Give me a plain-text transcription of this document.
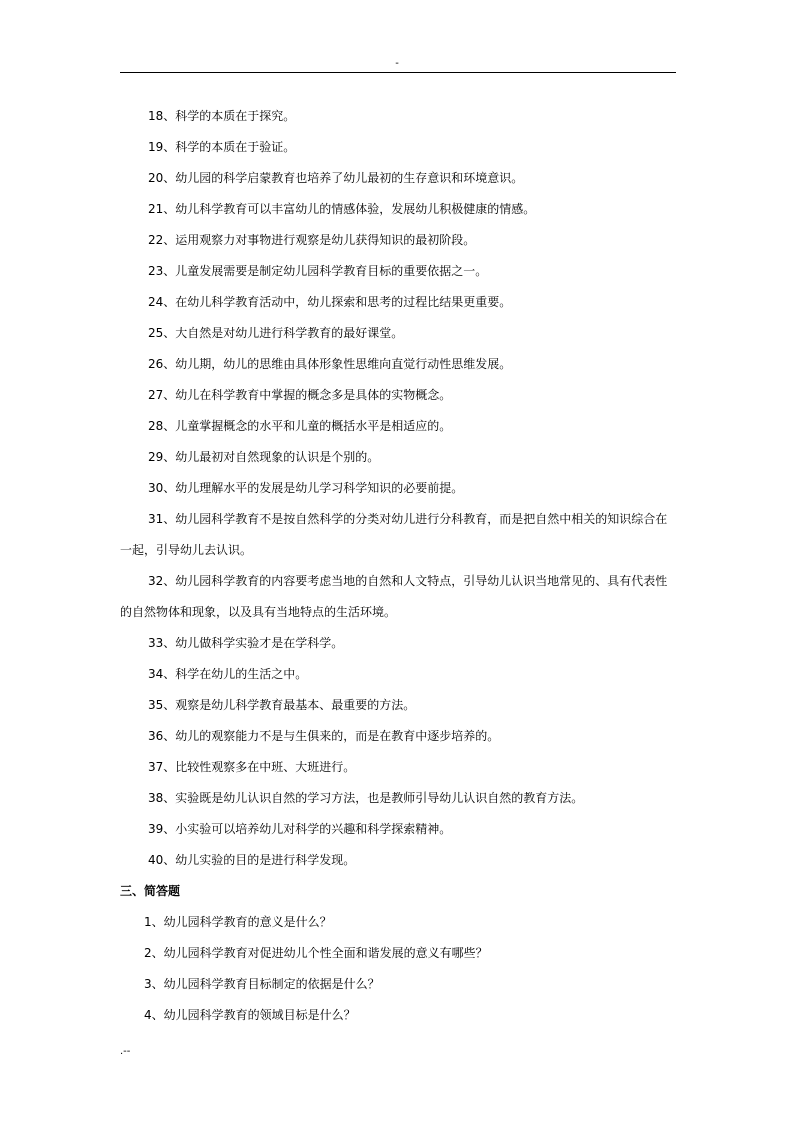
-
18、科学的本质在于探究。
19、科学的本质在于验证。
20、幼儿园的科学启蒙教育也培养了幼儿最初的生存意识和环境意识。
21、幼儿科学教育可以丰富幼儿的情感体验，发展幼儿积极健康的情感。
22、运用观察力对事物进行观察是幼儿获得知识的最初阶段。
23、儿童发展需要是制定幼儿园科学教育目标的重要依据之一。
24、在幼儿科学教育活动中，幼儿探索和思考的过程比结果更重要。
25、大自然是对幼儿进行科学教育的最好课堂。
26、幼儿期，幼儿的思维由具体形象性思维向直觉行动性思维发展。
27、幼儿在科学教育中掌握的概念多是具体的实物概念。
28、儿童掌握概念的水平和儿童的概括水平是相适应的。
29、幼儿最初对自然现象的认识是个别的。
30、幼儿理解水平的发展是幼儿学习科学知识的必要前提。
31、幼儿园科学教育不是按自然科学的分类对幼儿进行分科教育，而是把自然中相关的知识综合在
一起，引导幼儿去认识。
32、幼儿园科学教育的内容要考虑当地的自然和人文特点，引导幼儿认识当地常见的、具有代表性
的自然物体和现象，以及具有当地特点的生活环境。
33、幼儿做科学实验才是在学科学。
34、科学在幼儿的生活之中。
35、观察是幼儿科学教育最基本、最重要的方法。
36、幼儿的观察能力不是与生俱来的，而是在教育中逐步培养的。
37、比较性观察多在中班、大班进行。
38、实验既是幼儿认识自然的学习方法，也是教师引导幼儿认识自然的教育方法。
39、小实验可以培养幼儿对科学的兴趣和科学探索精神。
40、幼儿实验的目的是进行科学发现。
三、简答题
1、幼儿园科学教育的意义是什么？
2、幼儿园科学教育对促进幼儿个性全面和谐发展的意义有哪些？
3、幼儿园科学教育目标制定的依据是什么？
4、幼儿园科学教育的领域目标是什么？
.--
